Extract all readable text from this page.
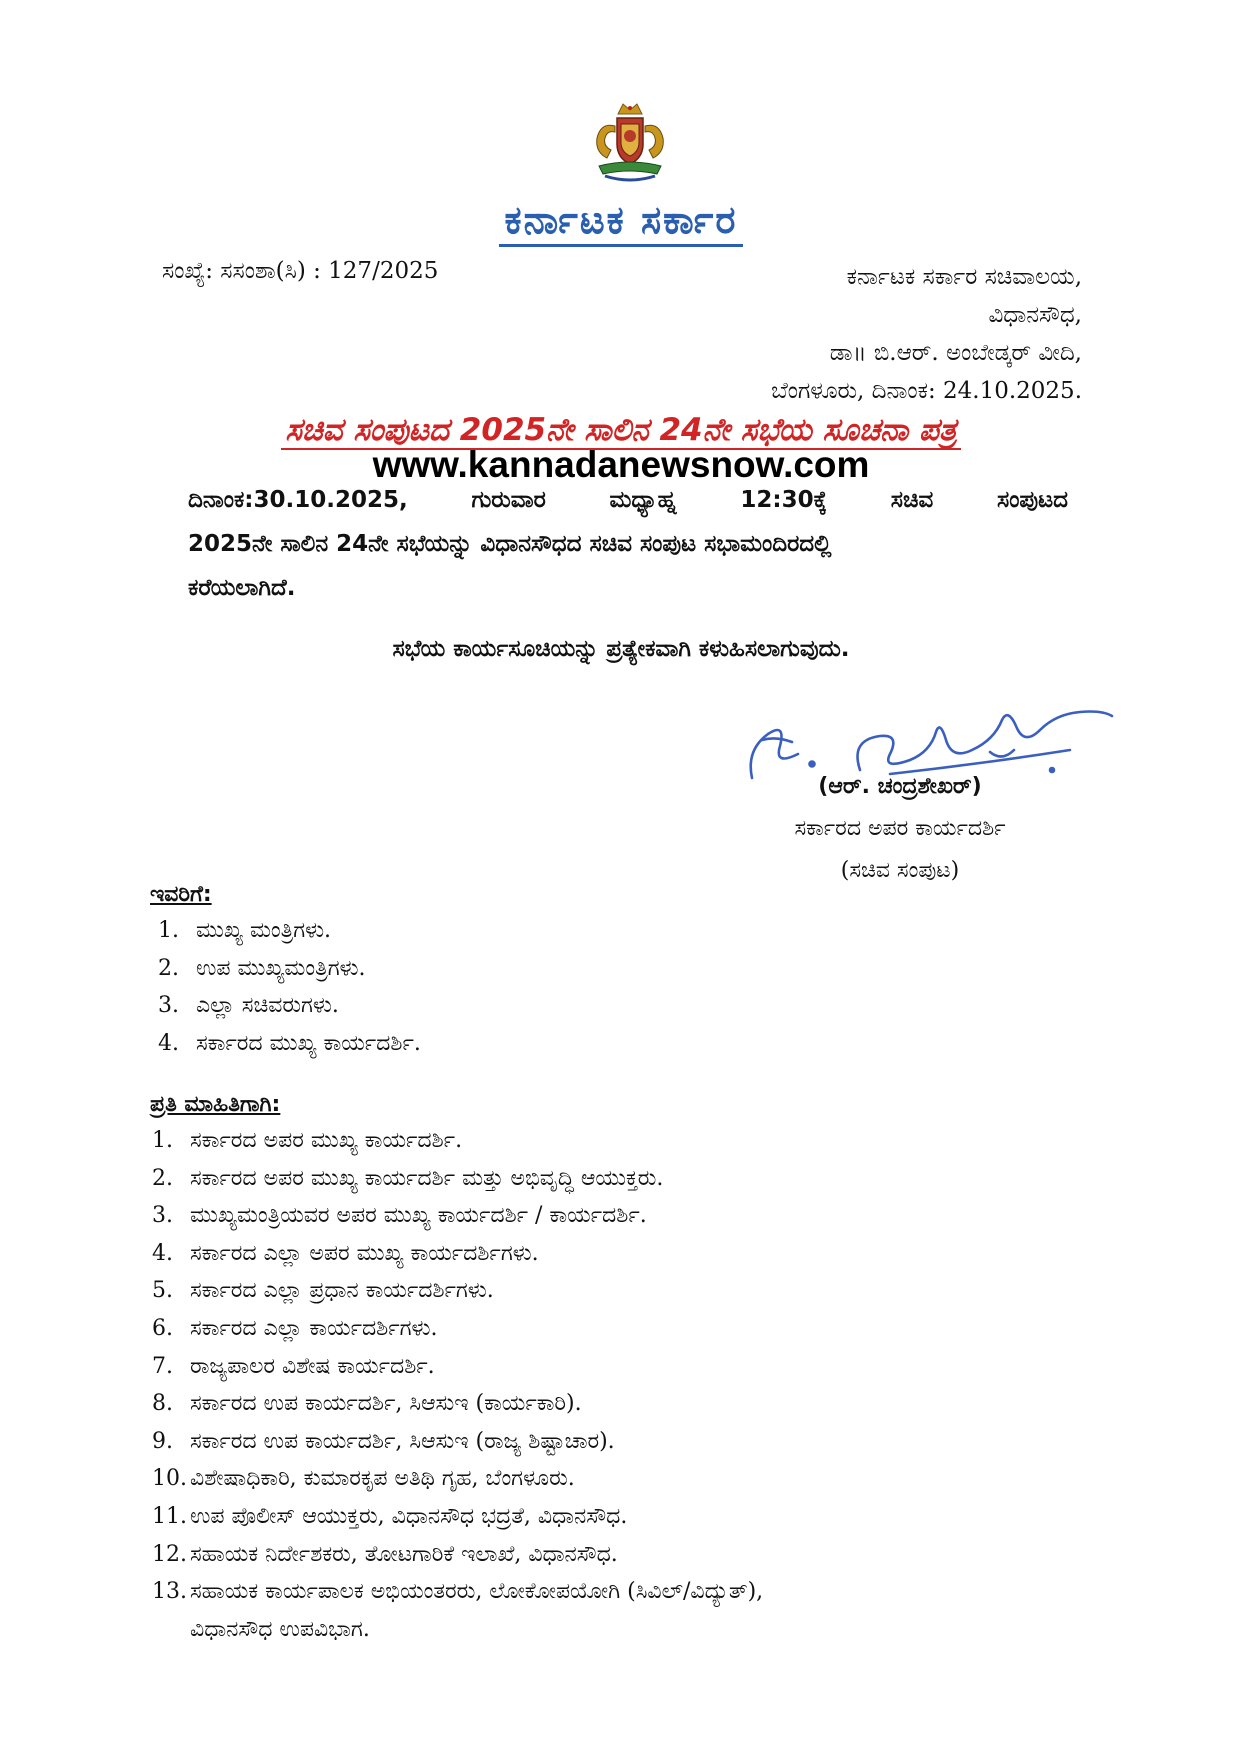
ಕರ್ನಾಟಕ ಸರ್ಕಾರ
ಸಂಖ್ಯೆ: ಸಸಂಶಾ(ಸಿ) : 127/2025	ಕರ್ನಾಟಕ ಸರ್ಕಾರ ಸಚಿವಾಲಯ,
ವಿಧಾನಸೌಧ,
ಡಾ॥ ಬಿ.ಆರ್. ಅಂಬೇಡ್ಕರ್ ವೀದಿ,
ಬೆಂಗಳೂರು, ದಿನಾಂಕ: 24.10.2025.
ಸಚಿವ ಸಂಪುಟದ 2025ನೇ ಸಾಲಿನ 24ನೇ ಸಭೆಯ ಸೂಚನಾ ಪತ್ರ
www.kannadanewsnow.com
ದಿನಾಂಕ:30.10.2025,	ಗುರುವಾರ	ಮಧ್ಯಾಹ್ನ	12:30ಕ್ಕೆ	ಸಚಿವ	ಸಂಪುಟದ
2025ನೇ ಸಾಲಿನ 24ನೇ ಸಭೆಯನ್ನು ವಿಧಾನಸೌಧದ ಸಚಿವ ಸಂಪುಟ ಸಭಾಮಂದಿರದಲ್ಲಿ
ಕರೆಯಲಾಗಿದೆ.
ಸಭೆಯ ಕಾರ್ಯಸೂಚಿಯನ್ನು ಪ್ರತ್ಯೇಕವಾಗಿ ಕಳುಹಿಸಲಾಗುವುದು.
(ಆರ್. ಚಂದ್ರಶೇಖರ್)
ಸರ್ಕಾರದ ಅಪರ ಕಾರ್ಯದರ್ಶಿ
(ಸಚಿವ ಸಂಪುಟ)
ಇವರಿಗೆ:
1. ಮುಖ್ಯ ಮಂತ್ರಿಗಳು.
2. ಉಪ ಮುಖ್ಯಮಂತ್ರಿಗಳು.
3. ಎಲ್ಲಾ ಸಚಿವರುಗಳು.
4. ಸರ್ಕಾರದ ಮುಖ್ಯ ಕಾರ್ಯದರ್ಶಿ.
ಪ್ರತಿ ಮಾಹಿತಿಗಾಗಿ:
1. ಸರ್ಕಾರದ ಅಪರ ಮುಖ್ಯ ಕಾರ್ಯದರ್ಶಿ.
2. ಸರ್ಕಾರದ ಅಪರ ಮುಖ್ಯ ಕಾರ್ಯದರ್ಶಿ ಮತ್ತು ಅಭಿವೃದ್ಧಿ ಆಯುಕ್ತರು.
3. ಮುಖ್ಯಮಂತ್ರಿಯವರ ಅಪರ ಮುಖ್ಯ ಕಾರ್ಯದರ್ಶಿ / ಕಾರ್ಯದರ್ಶಿ.
4. ಸರ್ಕಾರದ ಎಲ್ಲಾ ಅಪರ ಮುಖ್ಯ ಕಾರ್ಯದರ್ಶಿಗಳು.
5. ಸರ್ಕಾರದ ಎಲ್ಲಾ ಪ್ರಧಾನ ಕಾರ್ಯದರ್ಶಿಗಳು.
6. ಸರ್ಕಾರದ ಎಲ್ಲಾ ಕಾರ್ಯದರ್ಶಿಗಳು.
7. ರಾಜ್ಯಪಾಲರ ವಿಶೇಷ ಕಾರ್ಯದರ್ಶಿ.
8. ಸರ್ಕಾರದ ಉಪ ಕಾರ್ಯದರ್ಶಿ, ಸಿಆಸುಇ (ಕಾರ್ಯಕಾರಿ).
9. ಸರ್ಕಾರದ ಉಪ ಕಾರ್ಯದರ್ಶಿ, ಸಿಆಸುಇ (ರಾಜ್ಯ ಶಿಷ್ಟಾಚಾರ).
10. ವಿಶೇಷಾಧಿಕಾರಿ, ಕುಮಾರಕೃಪ ಅತಿಥಿ ಗೃಹ, ಬೆಂಗಳೂರು.
11. ಉಪ ಪೊಲೀಸ್ ಆಯುಕ್ತರು, ವಿಧಾನಸೌಧ ಭದ್ರತೆ, ವಿಧಾನಸೌಧ.
12. ಸಹಾಯಕ ನಿರ್ದೇಶಕರು, ತೋಟಗಾರಿಕೆ ಇಲಾಖೆ, ವಿಧಾನಸೌಧ.
13. ಸಹಾಯಕ ಕಾರ್ಯಪಾಲಕ ಅಭಿಯಂತರರು, ಲೋಕೋಪಯೋಗಿ (ಸಿವಿಲ್/ವಿದ್ಯುತ್),
ವಿಧಾನಸೌಧ ಉಪವಿಭಾಗ.
